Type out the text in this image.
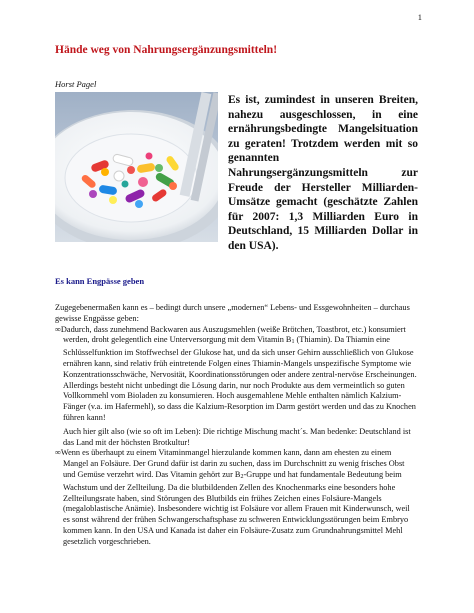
1
Hände weg von Nahrungsergänzungsmitteln!
Horst Pagel

Es ist, zumindest in unseren Breiten, nahezu ausgeschlossen, in eine ernährungsbedingte Mangelsituation zu geraten! Trotzdem werden mit so genannten Nahrungsergänzungsmitteln zur Freude der Hersteller Milliarden-Umsätze gemacht (geschätzte Zahlen für 2007: 1,3 Milliarden Euro in Deutschland, 15 Milliarden Dollar in den USA).

Es kann Engpässe geben

Zugegebenermaßen kann es – bedingt durch unsere „modernen“ Lebens- und Essgewohnheiten – durchaus gewisse Engpässe geben:

∞Dadurch, dass zunehmend Backwaren aus Auszugsmehlen (weiße Brötchen, Toastbrot, etc.) konsumiert werden, droht gelegentlich eine Unterversorgung mit dem Vitamin B1 (Thiamin). Da Thiamin eine Schlüsselfunktion im Stoffwechsel der Glukose hat, und da sich unser Gehirn ausschließlich von Glukose ernähren kann, sind relativ früh eintretende Folgen eines Thiamin-Mangels unspezifische Symptome wie Konzentrationsschwäche, Nervosität, Koordinationsstörungen oder andere zentral-nervöse Erscheinungen.

Allerdings besteht nicht unbedingt die Lösung darin, nur noch Produkte aus dem vermeintlich so guten Vollkornmehl vom Bioladen zu konsumieren. Hoch ausgemahlene Mehle enthalten nämlich Kalzium-Fänger (v.a. im Hafermehl), so dass die Kalzium-Resorption im Darm gestört werden und das zu Knochen führen kann!

Auch hier gilt also (wie so oft im Leben): Die richtige Mischung macht´s. Man bedenke: Deutschland ist das Land mit der höchsten Brotkultur!

∞Wenn es überhaupt zu einem Vitaminmangel hierzulande kommen kann, dann am ehesten zu einem Mangel an Folsäure. Der Grund dafür ist darin zu suchen, dass im Durchschnitt zu wenig frisches Obst und Gemüse verzehrt wird. Das Vitamin gehört zur B2-Gruppe und hat fundamentale Bedeutung beim Wachstum und der Zellteilung. Da die blutbildenden Zellen des Knochenmarks eine besonders hohe Zellteilungsrate haben, sind Störungen des Blutbilds ein frühes Zeichen eines Folsäure-Mangels (megaloblastische Anämie). Insbesondere wichtig ist Folsäure vor allem Frauen mit Kinderwunsch, weil es sonst während der frühen Schwangerschaftsphase zu schweren Entwicklungsstörungen beim Embryo kommen kann. In den USA und Kanada ist daher ein Folsäure-Zusatz zum Grundnahrungsmittel Mehl gesetzlich vorgeschrieben.
